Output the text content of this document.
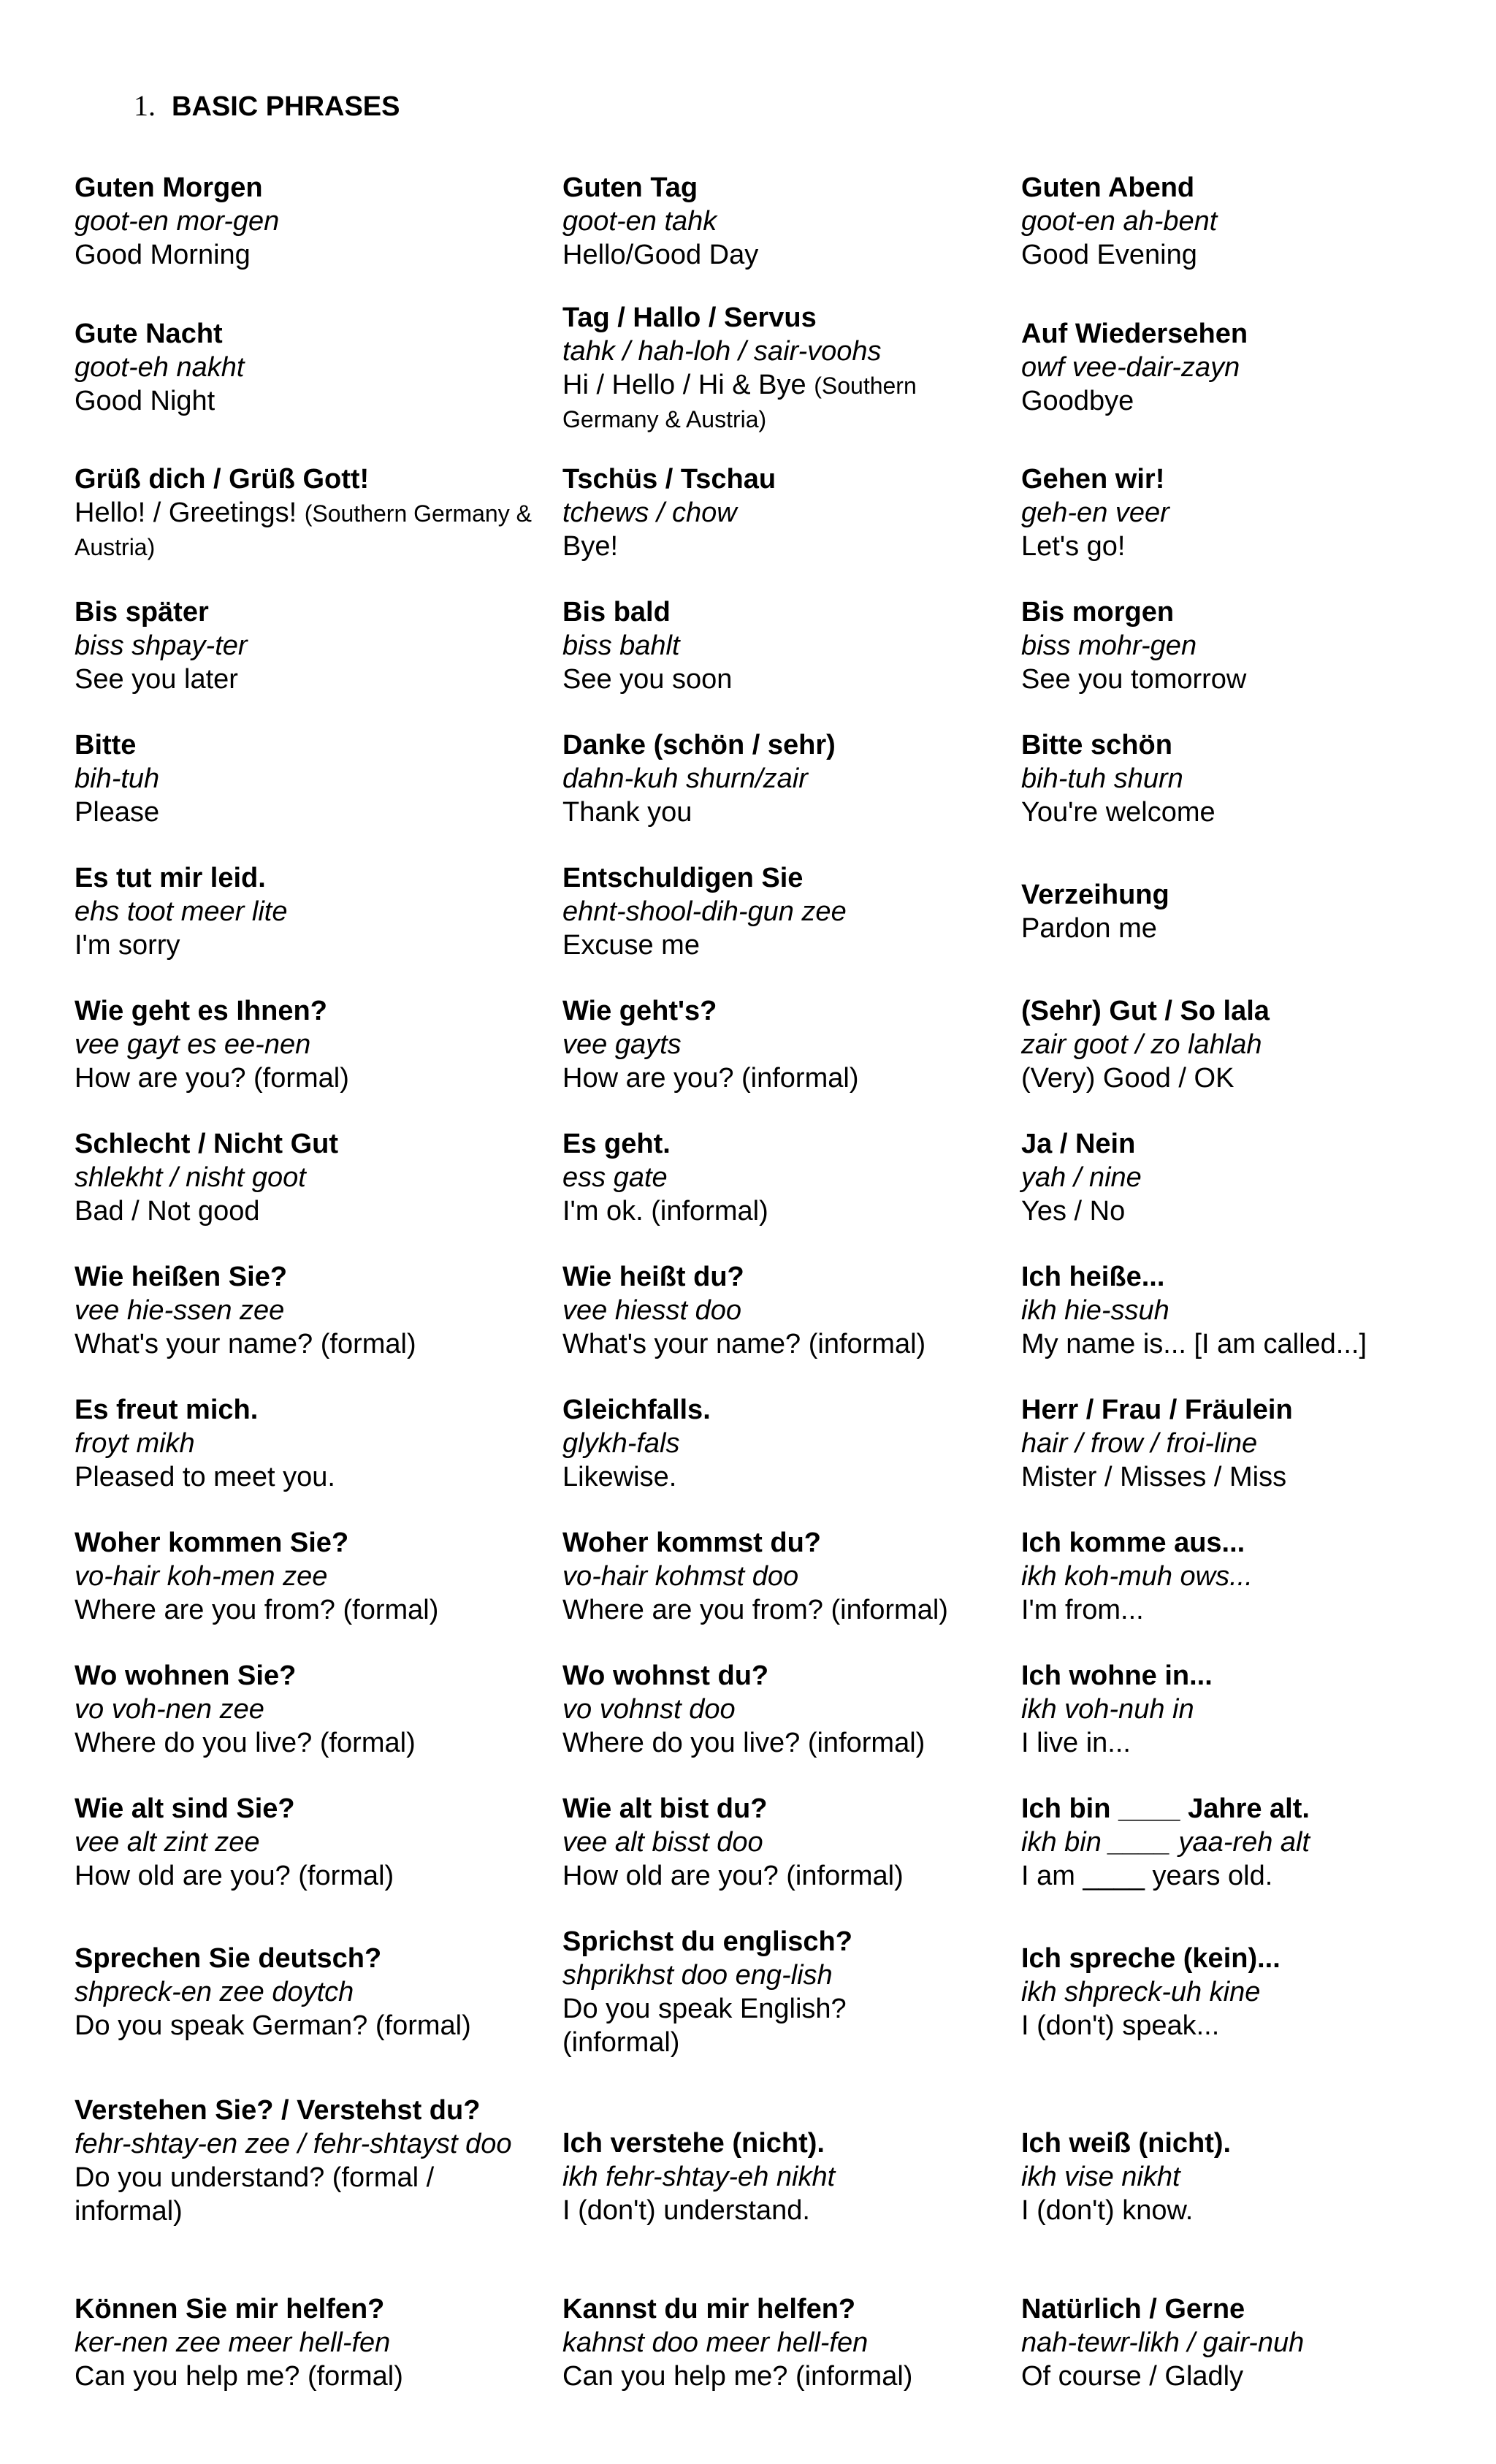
1. BASIC PHRASES
Guten Morgen
goot-en mor-gen
Good Morning
Gute Nacht
goot-eh nakht
Good Night
Grüß dich / Grüß Gott!
Hello! / Greetings! (Southern Germany & Austria)
Bis später
biss shpay-ter
See you later
Bitte
bih-tuh
Please
Es tut mir leid.
ehs toot meer lite
I'm sorry
Wie geht es Ihnen?
vee gayt es ee-nen
How are you? (formal)
Schlecht / Nicht Gut
shlekht / nisht goot
Bad / Not good
Wie heißen Sie?
vee hie-ssen zee
What's your name? (formal)
Es freut mich.
froyt mikh
Pleased to meet you.
Woher kommen Sie?
vo-hair koh-men zee
Where are you from? (formal)
Wo wohnen Sie?
vo voh-nen zee
Where do you live? (formal)
Wie alt sind Sie?
vee alt zint zee
How old are you? (formal)
Sprechen Sie deutsch?
shpreck-en zee doytch
Do you speak German? (formal)
Verstehen Sie? / Verstehst du?
fehr-shtay-en zee / fehr-shtayst doo
Do you understand? (formal / informal)
Können Sie mir helfen?
ker-nen zee meer hell-fen
Can you help me? (formal)
Guten Tag
goot-en tahk
Hello/Good Day
Tag / Hallo / Servus
tahk / hah-loh / sair-voohs
Hi / Hello / Hi & Bye (Southern Germany & Austria)
Tschüs / Tschau
tchews / chow
Bye!
Bis bald
biss bahlt
See you soon
Danke (schön / sehr)
dahn-kuh shurn/zair
Thank you
Entschuldigen Sie
ehnt-shool-dih-gun zee
Excuse me
Wie geht's?
vee gayts
How are you? (informal)
Es geht.
ess gate
I'm ok. (informal)
Wie heißt du?
vee hiesst doo
What's your name? (informal)
Gleichfalls.
glykh-fals
Likewise.
Woher kommst du?
vo-hair kohmst doo
Where are you from? (informal)
Wo wohnst du?
vo vohnst doo
Where do you live? (informal)
Wie alt bist du?
vee alt bisst doo
How old are you? (informal)
Sprichst du englisch?
shprikhst doo eng-lish
Do you speak English? (informal)
Ich verstehe (nicht).
ikh fehr-shtay-eh nikht
I (don't) understand.
Kannst du mir helfen?
kahnst doo meer hell-fen
Can you help me? (informal)
Guten Abend
goot-en ah-bent
Good Evening
Auf Wiedersehen
owf vee-dair-zayn
Goodbye
Gehen wir!
geh-en veer
Let's go!
Bis morgen
biss mohr-gen
See you tomorrow
Bitte schön
bih-tuh shurn
You're welcome
Verzeihung
Pardon me
(Sehr) Gut / So lala
zair goot / zo lahlah
(Very) Good / OK
Ja / Nein
yah / nine
Yes / No
Ich heiße...
ikh hie-ssuh
My name is... [I am called...]
Herr / Frau / Fräulein
hair / frow / froi-line
Mister / Misses / Miss
Ich komme aus...
ikh koh-muh ows...
I'm from...
Ich wohne in...
ikh voh-nuh in
I live in...
Ich bin ____ Jahre alt.
ikh bin ____ yaa-reh alt
I am ____ years old.
Ich spreche (kein)...
ikh shpreck-uh kine
I (don't) speak...
Ich weiß (nicht).
ikh vise nikht
I (don't) know.
Natürlich / Gerne
nah-tewr-likh / gair-nuh
Of course / Gladly
